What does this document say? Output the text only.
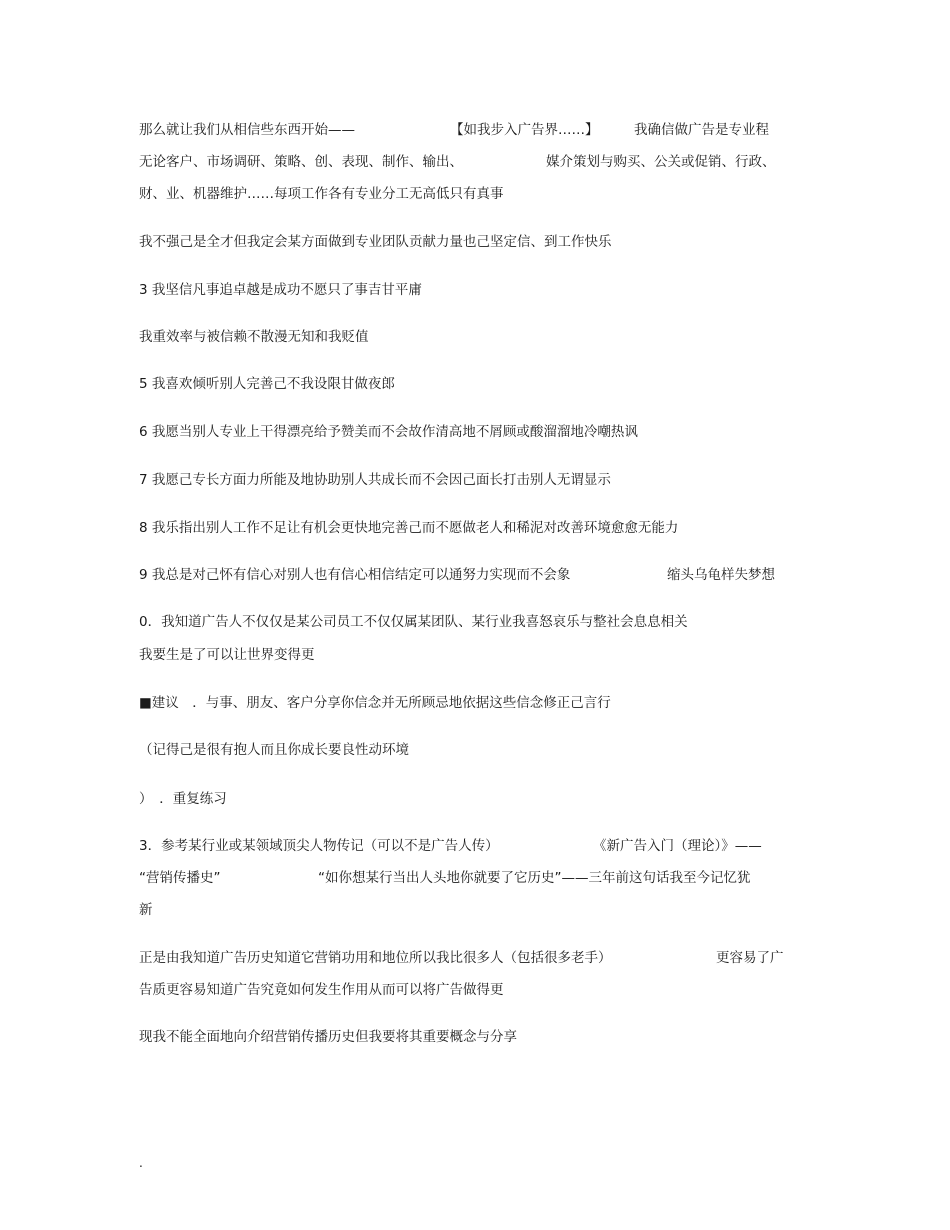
那么就让我们从相信些东西开始——	【如我步入广告界……】	我确信做广告是专业程
无论客户、市场调研、策略、创、表现、制作、输出、	媒介策划与购买、公关或促销、行政、
财、业、机器维护……每项工作各有专业分工无高低只有真事
我不强己是全才但我定会某方面做到专业团队贡献力量也己坚定信、到工作快乐
3 我坚信凡事追卓越是成功不愿只了事吉甘平庸
我重效率与被信赖不散漫无知和我贬值
5 我喜欢倾听别人完善己不我设限甘做夜郎
6 我愿当别人专业上干得漂亮给予赞美而不会故作清高地不屑顾或酸溜溜地冷嘲热讽
7 我愿己专长方面力所能及地协助别人共成长而不会因己面长打击别人无谓显示
8 我乐指出别人工作不足让有机会更快地完善己而不愿做老人和稀泥对改善环境愈愈无能力
9 我总是对己怀有信心对别人也有信心相信结定可以通努力实现而不会象	缩头乌龟样失梦想
0．我知道广告人不仅仅是某公司员工不仅仅属某团队、某行业我喜怒哀乐与整社会息息相关
我要生是了可以让世界变得更
■建议　．与事、朋友、客户分享你信念并无所顾忌地依据这些信念修正己言行
（记得己是很有抱人而且你成长要良性动环境
）　．重复练习
3．参考某行业或某领域顶尖人物传记（可以不是广告人传）	《新广告入门（理论）》——
“营销传播史”	“如你想某行当出人头地你就要了它历史”——三年前这句话我至今记忆犹
新
正是由我知道广告历史知道它营销功用和地位所以我比很多人（包括很多老手）	更容易了广
告质更容易知道广告究竟如何发生作用从而可以将广告做得更
现我不能全面地向介绍营销传播历史但我要将其重要概念与分享
.
